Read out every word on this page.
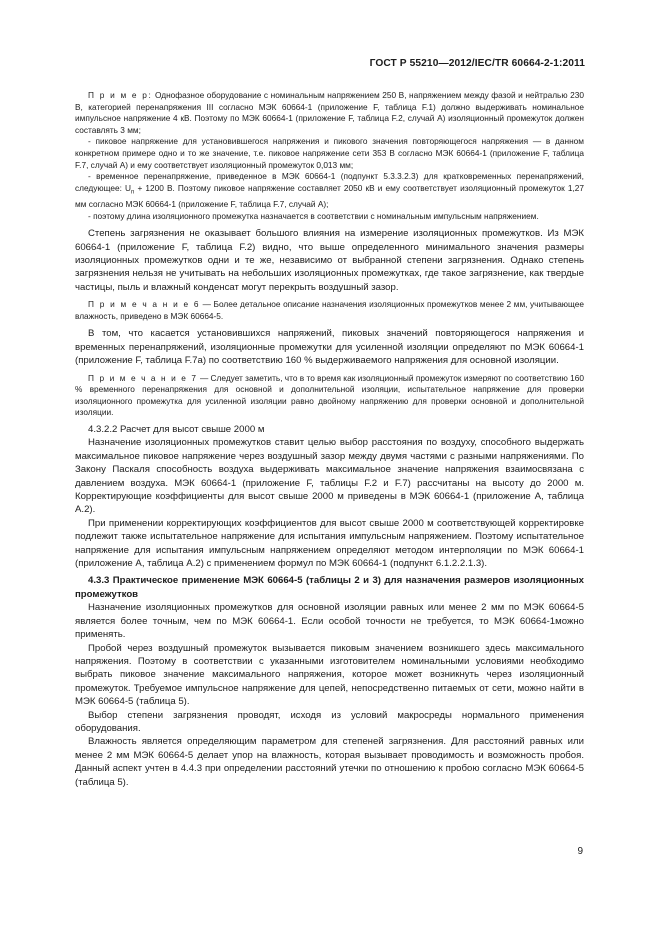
ГОСТ Р 55210—2012/IEC/TR 60664-2-1:2011

П р и м е р: Однофазное оборудование с номинальным напряжением 250 В, напряжением между фазой и нейтралью 230 В, категорией перенапряжения III согласно МЭК 60664-1 (приложение F, таблица F.1) должно выдерживать номинальное импульсное напряжение 4 кВ. Поэтому по МЭК 60664-1 (приложение F, таблица F.2, случай А) изоляционный промежуток должен составлять 3 мм;

- пиковое напряжение для установившегося напряжения и пикового значения повторяющегося напряжения — в данном конкретном примере одно и то же значение, т.е. пиковое напряжение сети 353 В согласно МЭК 60664-1 (приложение F, таблица F.7, случай А) и ему соответствует изоляционный промежуток 0,013 мм;

- временное перенапряжение, приведенное в МЭК 60664-1 (подпункт 5.3.3.2.3) для кратковременных перенапряжений, следующее: $U_n + 1200$ В. Поэтому пиковое напряжение составляет 2050 кВ и ему соответствует изоляционный промежуток 1,27 мм согласно МЭК 60664-1 (приложение F, таблица F.7, случай А);

- поэтому длина изоляционного промежутка назначается в соответствии с номинальным импульсным напряжением.

Степень загрязнения не оказывает большого влияния на измерение изоляционных промежутков. Из МЭК 60664-1 (приложение F, таблица F.2) видно, что выше определенного минимального значения размеры изоляционных промежутков одни и те же, независимо от выбранной степени загрязнения. Однако степень загрязнения нельзя не учитывать на небольших изоляционных промежутках, где такое загрязнение, как твердые частицы, пыль и влажный конденсат могут перекрыть воздушный зазор.

П р и м е ч а н и е 6 — Более детальное описание назначения изоляционных промежутков менее 2 мм, учитывающее влажность, приведено в МЭК 60664-5.

В том, что касается установившихся напряжений, пиковых значений повторяющегося напряжения и временных перенапряжений, изоляционные промежутки для усиленной изоляции определяют по МЭК 60664-1 (приложение F, таблица F.7а) по соответствию 160 % выдерживаемого напряжения для основной изоляции.

П р и м е ч а н и е 7 — Следует заметить, что в то время как изоляционный промежуток измеряют по соответствию 160 % временного перенапряжения для основной и дополнительной изоляции, испытательное напряжение для проверки изоляционного промежутка для усиленной изоляции равно двойному напряжению для проверки основной и дополнительной изоляции.

4.3.2.2 Расчет для высот свыше 2000 м

Назначение изоляционных промежутков ставит целью выбор расстояния по воздуху, способного выдержать максимальное пиковое напряжение через воздушный зазор между двумя частями с разными напряжениями. По Закону Паскаля способность воздуха выдерживать максимальное значение напряжения взаимосвязана с давлением воздуха. МЭК 60664-1 (приложение F, таблицы F.2 и F.7) рассчитаны на высоту до 2000 м. Корректирующие коэффициенты для высот свыше 2000 м приведены в МЭК 60664-1 (приложение А, таблица А.2).

При применении корректирующих коэффициентов для высот свыше 2000 м соответствующей корректировке подлежит также испытательное напряжение для испытания импульсным напряжением. Поэтому испытательное напряжение для испытания импульсным напряжением определяют методом интерполяции по МЭК 60664-1 (приложение А, таблица А.2) с применением формул по МЭК 60664-1 (подпункт 6.1.2.2.1.3).

4.3.3 Практическое применение МЭК 60664-5 (таблицы 2 и 3) для назначения размеров изоляционных промежутков

Назначение изоляционных промежутков для основной изоляции равных или менее 2 мм по МЭК 60664-5 является более точным, чем по МЭК 60664-1. Если особой точности не требуется, то МЭК 60664-1можно применять.

Пробой через воздушный промежуток вызывается пиковым значением возникшего здесь максимального напряжения. Поэтому в соответствии с указанными изготовителем номинальными условиями необходимо выбрать пиковое значение максимального напряжения, которое может возникнуть через изоляционный промежуток. Требуемое импульсное напряжение для цепей, непосредственно питаемых от сети, можно найти в МЭК 60664-5 (таблица 5).

Выбор степени загрязнения проводят, исходя из условий макросреды нормального применения оборудования.

Влажность является определяющим параметром для степеней загрязнения. Для расстояний равных или менее 2 мм МЭК 60664-5 делает упор на влажность, которая вызывает проводимость и возможность пробоя. Данный аспект учтен в 4.4.3 при определении расстояний утечки по отношению к пробою согласно МЭК 60664-5 (таблица 5).

9
